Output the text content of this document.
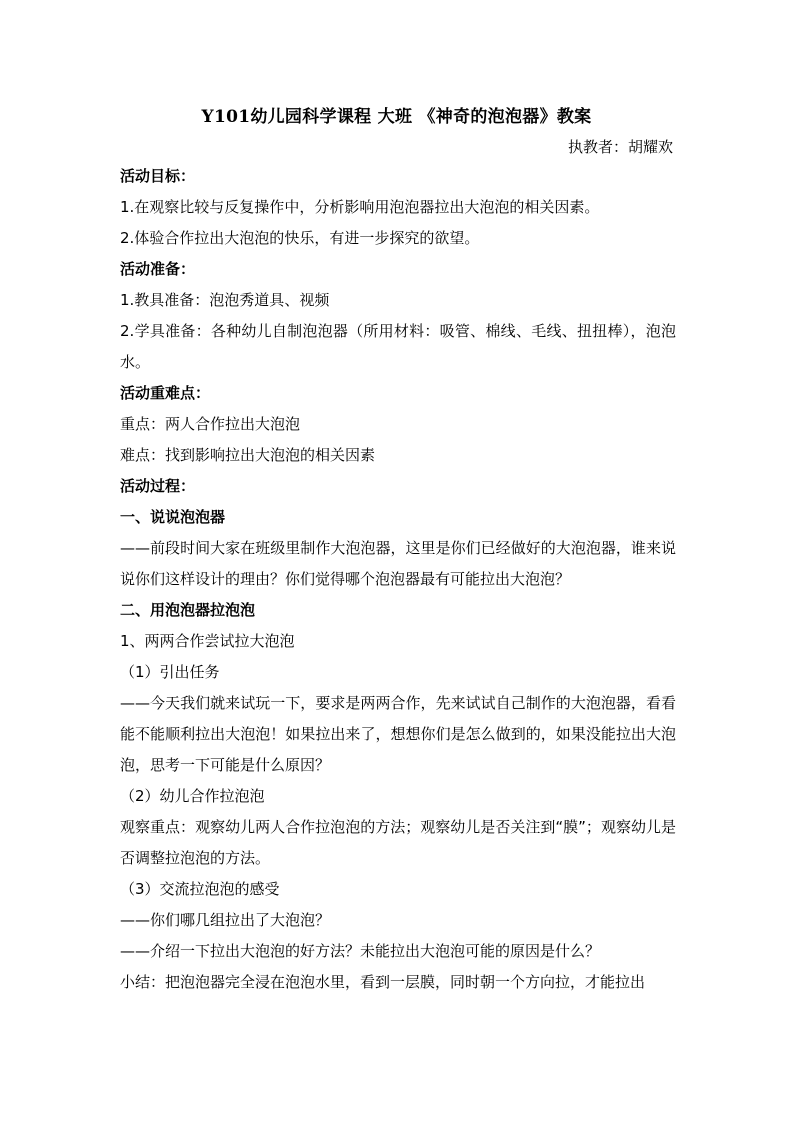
Y101幼儿园科学课程 大班 《神奇的泡泡器》教案
执教者：胡耀欢
活动目标：
1.在观察比较与反复操作中，分析影响用泡泡器拉出大泡泡的相关因素。
2.体验合作拉出大泡泡的快乐，有进一步探究的欲望。
活动准备：
1.教具准备：泡泡秀道具、视频
2.学具准备：各种幼儿自制泡泡器（所用材料：吸管、棉线、毛线、扭扭棒），泡泡水。
活动重难点：
重点：两人合作拉出大泡泡
难点：找到影响拉出大泡泡的相关因素
活动过程：
一、说说泡泡器
——前段时间大家在班级里制作大泡泡器，这里是你们已经做好的大泡泡器，谁来说说你们这样设计的理由？你们觉得哪个泡泡器最有可能拉出大泡泡？
二、用泡泡器拉泡泡
1、两两合作尝试拉大泡泡
（1）引出任务
——今天我们就来试玩一下，要求是两两合作，先来试试自己制作的大泡泡器，看看能不能顺利拉出大泡泡！如果拉出来了，想想你们是怎么做到的，如果没能拉出大泡泡，思考一下可能是什么原因？
（2）幼儿合作拉泡泡
观察重点：观察幼儿两人合作拉泡泡的方法；观察幼儿是否关注到“膜”；观察幼儿是否调整拉泡泡的方法。
（3）交流拉泡泡的感受
——你们哪几组拉出了大泡泡？
——介绍一下拉出大泡泡的好方法？未能拉出大泡泡可能的原因是什么？
小结：把泡泡器完全浸在泡泡水里，看到一层膜，同时朝一个方向拉，才能拉出
